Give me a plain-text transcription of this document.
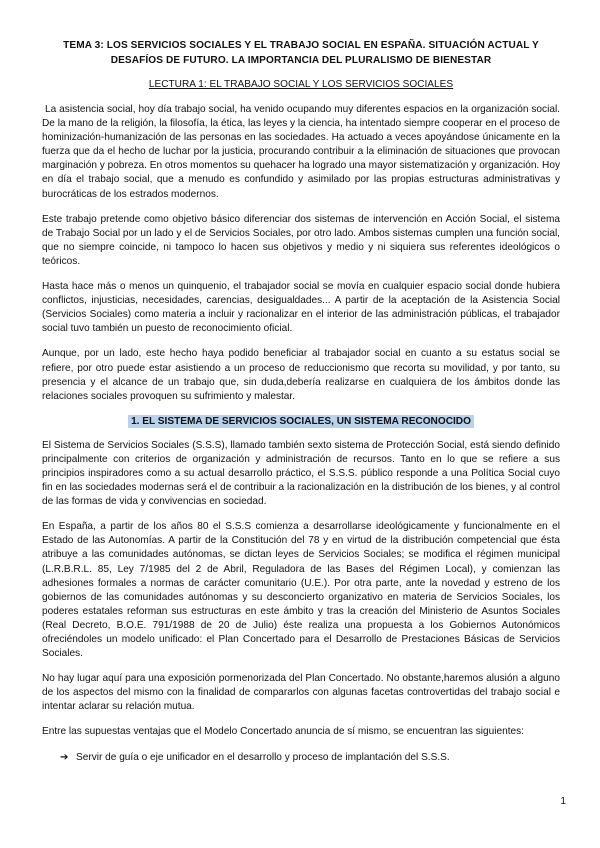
TEMA 3: LOS SERVICIOS SOCIALES Y EL TRABAJO SOCIAL EN ESPAÑA. SITUACIÓN ACTUAL Y DESAFÍOS DE FUTURO. LA IMPORTANCIA DEL PLURALISMO DE BIENESTAR
LECTURA 1: EL TRABAJO SOCIAL Y LOS SERVICIOS SOCIALES

La asistencia social, hoy día trabajo social, ha venido ocupando muy diferentes espacios en la organización social. De la mano de la religión, la filosofía, la ética, las leyes y la ciencia, ha intentado siempre cooperar en el proceso de hominización-humanización de las personas en las sociedades. Ha actuado a veces apoyándose únicamente en la fuerza que da el hecho de luchar por la justicia, procurando contribuir a la eliminación de situaciones que provocan marginación y pobreza. En otros momentos su quehacer ha logrado una mayor sistematización y organización. Hoy en día el trabajo social, que a menudo es confundido y asimilado por las propias estructuras administrativas y burocráticas de los estrados modernos.

Este trabajo pretende como objetivo básico diferenciar dos sistemas de intervención en Acción Social, el sistema de Trabajo Social por un lado y el de Servicios Sociales, por otro lado. Ambos sistemas cumplen una función social, que no siempre coincide, ni tampoco lo hacen sus objetivos y medio y ni siquiera sus referentes ideológicos o teóricos.

Hasta hace más o menos un quinquenio, el trabajador social se movía en cualquier espacio social donde hubiera conflictos, injusticias, necesidades, carencias, desigualdades... A partir de la aceptación de la Asistencia Social (Servicios Sociales) como materia a incluir y racionalizar en el interior de las administración públicas, el trabajador social tuvo también un puesto de reconocimiento oficial.

Aunque, por un lado, este hecho haya podido beneficiar al trabajador social en cuanto a su estatus social se refiere, por otro puede estar asistiendo a un proceso de reduccionismo que recorta su movilidad, y por tanto, su presencia y el alcance de un trabajo que, sin duda,debería realizarse en cualquiera de los ámbitos donde las relaciones sociales provoquen su sufrimiento y malestar.

1. EL SISTEMA DE SERVICIOS SOCIALES, UN SISTEMA RECONOCIDO

El Sistema de Servicios Sociales (S.S.S), llamado también sexto sistema de Protección Social, está siendo definido principalmente con criterios de organización y administración de recursos. Tanto en lo que se refiere a sus principios inspiradores como a su actual desarrollo práctico, el S.S.S. público responde a una Política Social cuyo fin en las sociedades modernas será el de contribuir a la racionalización en la distribución de los bienes, y al control de las formas de vida y convivencias en sociedad.

En España, a partir de los años 80 el S.S.S comienza a desarrollarse ideológicamente y funcionalmente en el Estado de las Autonomías. A partir de la Constitución del 78 y en virtud de la distribución competencial que ésta atribuye a las comunidades autónomas, se dictan leyes de Servicios Sociales; se modifica el régimen municipal (L.R.B.R.L. 85, Ley 7/1985 del 2 de Abril, Reguladora de las Bases del Régimen Local), y comienzan las adhesiones formales a normas de carácter comunitario (U.E.). Por otra parte, ante la novedad y estreno de los gobiernos de las comunidades autónomas y su desconcierto organizativo en materia de Servicios Sociales, los poderes estatales reforman sus estructuras en este ámbito y tras la creación del Ministerio de Asuntos Sociales (Real Decreto, B.O.E. 791/1988 de 20 de Julio) éste realiza una propuesta a los Gobiernos Autonómicos ofreciéndoles un modelo unificado: el Plan Concertado para el Desarrollo de Prestaciones Básicas de Servicios Sociales.

No hay lugar aquí para una exposición pormenorizada del Plan Concertado. No obstante,haremos alusión a alguno de los aspectos del mismo con la finalidad de compararlos con algunas facetas controvertidas del trabajo social e intentar aclarar su relación mutua.

Entre las supuestas ventajas que el Modelo Concertado anuncia de sí mismo, se encuentran las siguientes:

➔ Servir de guía o eje unificador en el desarrollo y proceso de implantación del S.S.S.
1
